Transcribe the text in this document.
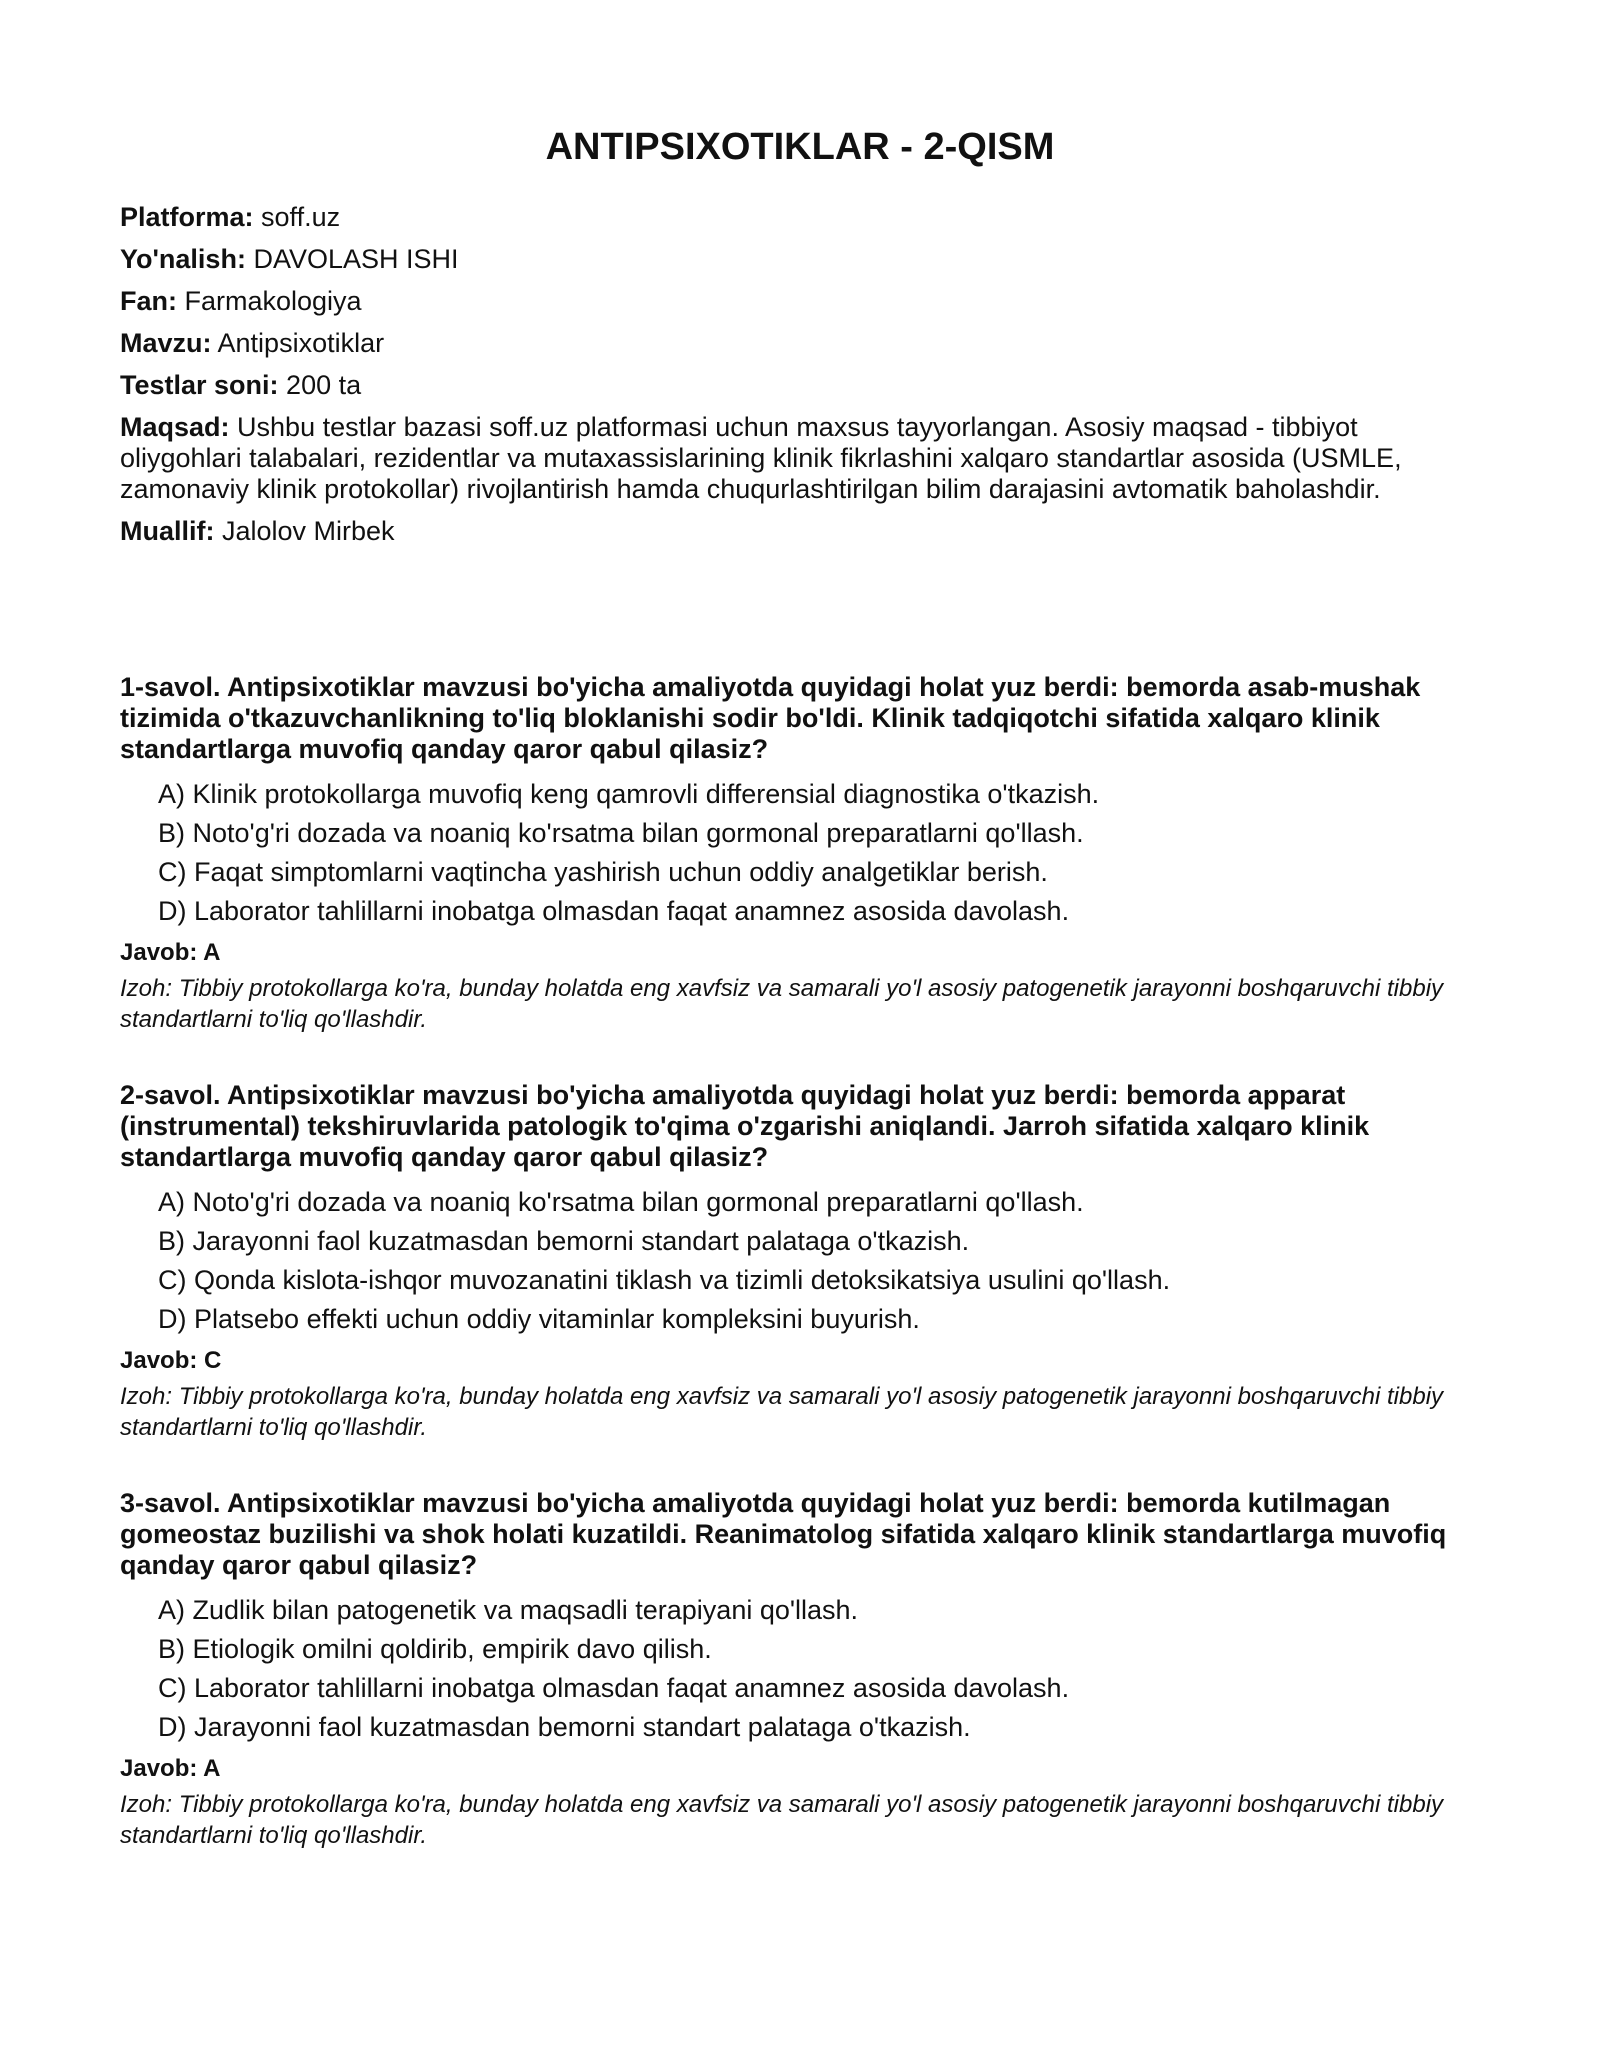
ANTIPSIXOTIKLAR - 2-QISM

Platforma: soff.uz

Yo'nalish: DAVOLASH ISHI

Fan: Farmakologiya

Mavzu: Antipsixotiklar

Testlar soni: 200 ta

Maqsad: Ushbu testlar bazasi soff.uz platformasi uchun maxsus tayyorlangan. Asosiy maqsad - tibbiyot oliygohlari talabalari, rezidentlar va mutaxassislarining klinik fikrlashini xalqaro standartlar asosida (USMLE, zamonaviy klinik protokollar) rivojlantirish hamda chuqurlashtirilgan bilim darajasini avtomatik baholashdir.

Muallif: Jalolov Mirbek

1-savol. Antipsixotiklar mavzusi bo'yicha amaliyotda quyidagi holat yuz berdi: bemorda asab-mushak tizimida o'tkazuvchanlikning to'liq bloklanishi sodir bo'ldi. Klinik tadqiqotchi sifatida xalqaro klinik standartlarga muvofiq qanday qaror qabul qilasiz?

A) Klinik protokollarga muvofiq keng qamrovli differensial diagnostika o'tkazish.
B) Noto'g'ri dozada va noaniq ko'rsatma bilan gormonal preparatlarni qo'llash.
C) Faqat simptomlarni vaqtincha yashirish uchun oddiy analgetiklar berish.
D) Laborator tahlillarni inobatga olmasdan faqat anamnez asosida davolash.

Javob: A

Izoh: Tibbiy protokollarga ko'ra, bunday holatda eng xavfsiz va samarali yo'l asosiy patogenetik jarayonni boshqaruvchi tibbiy standartlarni to'liq qo'llashdir.

2-savol. Antipsixotiklar mavzusi bo'yicha amaliyotda quyidagi holat yuz berdi: bemorda apparat (instrumental) tekshiruvlarida patologik to'qima o'zgarishi aniqlandi. Jarroh sifatida xalqaro klinik standartlarga muvofiq qanday qaror qabul qilasiz?

A) Noto'g'ri dozada va noaniq ko'rsatma bilan gormonal preparatlarni qo'llash.
B) Jarayonni faol kuzatmasdan bemorni standart palataga o'tkazish.
C) Qonda kislota-ishqor muvozanatini tiklash va tizimli detoksikatsiya usulini qo'llash.
D) Platsebo effekti uchun oddiy vitaminlar kompleksini buyurish.

Javob: C

Izoh: Tibbiy protokollarga ko'ra, bunday holatda eng xavfsiz va samarali yo'l asosiy patogenetik jarayonni boshqaruvchi tibbiy standartlarni to'liq qo'llashdir.

3-savol. Antipsixotiklar mavzusi bo'yicha amaliyotda quyidagi holat yuz berdi: bemorda kutilmagan gomeostaz buzilishi va shok holati kuzatildi. Reanimatolog sifatida xalqaro klinik standartlarga muvofiq qanday qaror qabul qilasiz?

A) Zudlik bilan patogenetik va maqsadli terapiyani qo'llash.
B) Etiologik omilni qoldirib, empirik davo qilish.
C) Laborator tahlillarni inobatga olmasdan faqat anamnez asosida davolash.
D) Jarayonni faol kuzatmasdan bemorni standart palataga o'tkazish.

Javob: A

Izoh: Tibbiy protokollarga ko'ra, bunday holatda eng xavfsiz va samarali yo'l asosiy patogenetik jarayonni boshqaruvchi tibbiy standartlarni to'liq qo'llashdir.
